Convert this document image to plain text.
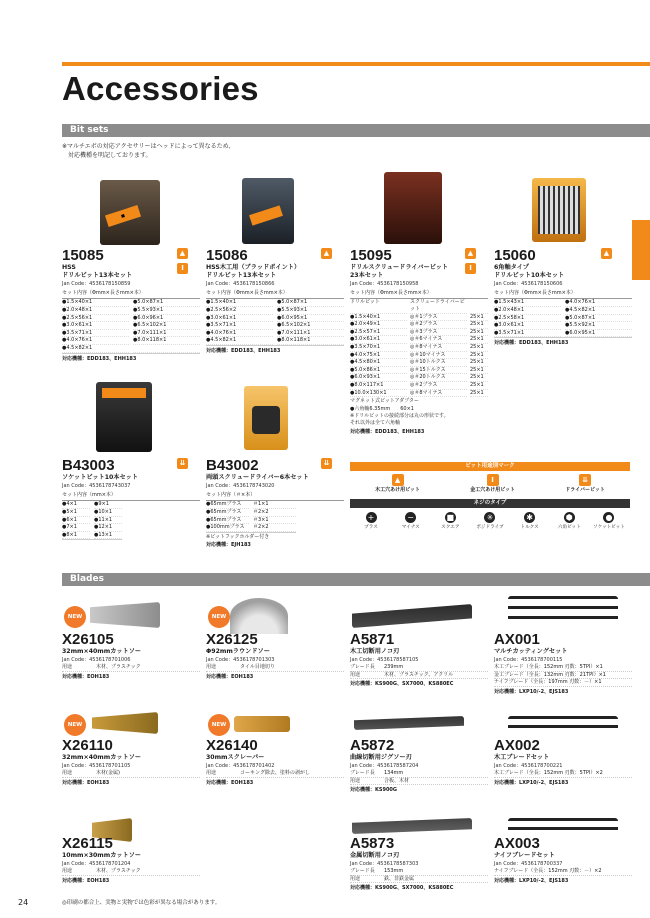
Accessories
Bit sets
※マルチエボの対応アクセサリーはヘッドによって異なるため、
対応機種を明記しております。
■
15085
HSS
ドリルビット13本セット
Jan Code：4536178150859
セット内容（Φmm×長さmm×本）
●1.5×40×1	●5.0×87×1
●2.0×48×1	●5.5×93×1
●2.5×56×1	●6.0×96×1
●3.0×61×1	●6.5×102×1
●3.5×71×1	●7.0×111×1
●4.0×76×1	●8.0×118×1
●4.5×82×1
対応機種：EDD183、EHH183
▲
Ⅰ
15086
HSS木工用（ブラッドポイント）
ドリルビット13本セット
Jan Code：4536178150866
セット内容（Φmm×長さmm×本）
●1.5×40×1	●5.0×87×1
●2.5×56×2	●5.5×93×1
●3.0×61×1	●6.0×95×1
●3.5×71×1	●6.5×102×1
●4.0×76×1	●7.0×111×1
●4.5×82×1	●8.0×118×1
対応機種：EDD183、EHH183
▲ 15095
ドリルスクリュードライバービット
23本セット
Jan Code：4536178150958
セット内容（Φmm×長さmm×本）
ドリルビット	スクリュードライバービット
●1.5×40×1	◎＃1プラス	25×1
●2.0×49×1	◎＃2プラス	25×1
●2.5×57×1	◎＃3プラス	25×1
●3.0×61×1	◎＃6マイナス	25×1
●3.5×70×1	◎＃8マイナス	25×1
●4.0×75×1	◎＃10マイナス	25×1
●4.5×80×1	◎＃10トルクス	25×1
●5.0×86×1	◎＃15トルクス	25×1
●6.0×93×1	◎＃20トルクス	25×1
●8.0×117×1	◎＃2プラス	25×1
●10.0×130×1	◎＃8マイナス	25×1
マグネット式ビットアダプター
●六角軸6.35mm　　60×1
※ドリルビットの接続部分は丸の形状です。
それ以外は全て六角軸
対応機種：EDD183、EHH183
▲
Ⅰ
15060
6角軸タイプ
ドリルビット10本セット
Jan Code：4536178150606
セット内容（Φmm×長さmm×本）
●1.5×43×1	●4.0×76×1
●2.0×48×1	●4.5×82×1
●2.5×58×1	●5.0×87×1
●3.0×61×1	●5.5×92×1
●3.5×71×1	●6.0×95×1
対応機種：EDD183、EHH183
▲
B43003
ソケットビット10本セット
Jan Code：4536178743037
セット内容（mm×本）
●4×1	●9×1
●5×1	●10×1
●6×1	●11×1
●7×1	●12×1
●8×1	●13×1
⇊ B43002
両頭スクリュードライバー6本セット
Jan Code：4536178743020
セット内容（＃×本）
●65mmプラス	＃1×1
●65mmプラス	＃2×2
●65mmプラス	＃3×1
●100mmプラス	＃2×2
※ビットフックホルダー付き
対応機種：EJH183
⇊	ビット用途別マーク
▲
木工穴あけ用ビット
Ⅰ
金工穴あけ用ビット
⇊
ドライバービット
ネジのタイプ
+
プラス
−
マイナス
■
スクエア
✳
ポジドライブ
✱
トルクス
⬢
六角ビット
●
ソケットビット
Blades
NEW	NEW
NEW	NEW
X26105
32mm×40mmカットソー
Jan Code：4536178701006
用途	木材、プラスチック
対応機種：EOH183
X26125
Φ92mmラウンドソー
Jan Code：4536178701303
用途	タイル目地切り
対応機種：EOH183
A5871
木工切断用ノコ刃
Jan Code：4536178587105
ブレード長	239mm
用途	木材、プラスチック、アクリル
対応機種：KS900G、SX7000、KS880EC
AX001
マルチカッティングセット
Jan Code：4536178700115
木工ブレード（全長：152mm 刃数：5TPI）×1
金工ブレード（全長：132mm 刃数：21TPI）×1
ナイフブレード（全長：197mm 刃数：－）×1
対応機種：LXP10/-2、EJS183
X26110
32mm×40mmカットソー
Jan Code：4536178701105
用途	木材(金属)
対応機種：EOH183
X26140
30mmスクレーパー
Jan Code：4536178701402
用途	コーキング除去、塗料の剥がし
対応機種：EOH183
A5872
曲線切断用ジグソー刃
Jan Code：4536178587204
ブレード長	134mm
用途	合板、木材
対応機種：KS900G
AX002
木工ブレードセット
Jan Code：4536178700221
木工ブレード（全長：152mm 刃数：5TPI）×2
対応機種：LXP10/-2、EJS183
X26115
10mm×30mmカットソー
Jan Code：4536178701204
用途	木材、プラスチック
対応機種：EOH183
A5873
金属切断用ノコ刃
Jan Code：4536178587303
ブレード長	153mm
用途	鉄、非鉄金属
対応機種：KS900G、SX7000、KS880EC
AX003
ナイフブレードセット
Jan Code：4536178700337
ナイフブレード（全長：152mm 刃数：－）×2
対応機種：LXP10/-2、EJS183
24	◎印刷の都合上、実物と実物では色彩が異なる場合があります。
